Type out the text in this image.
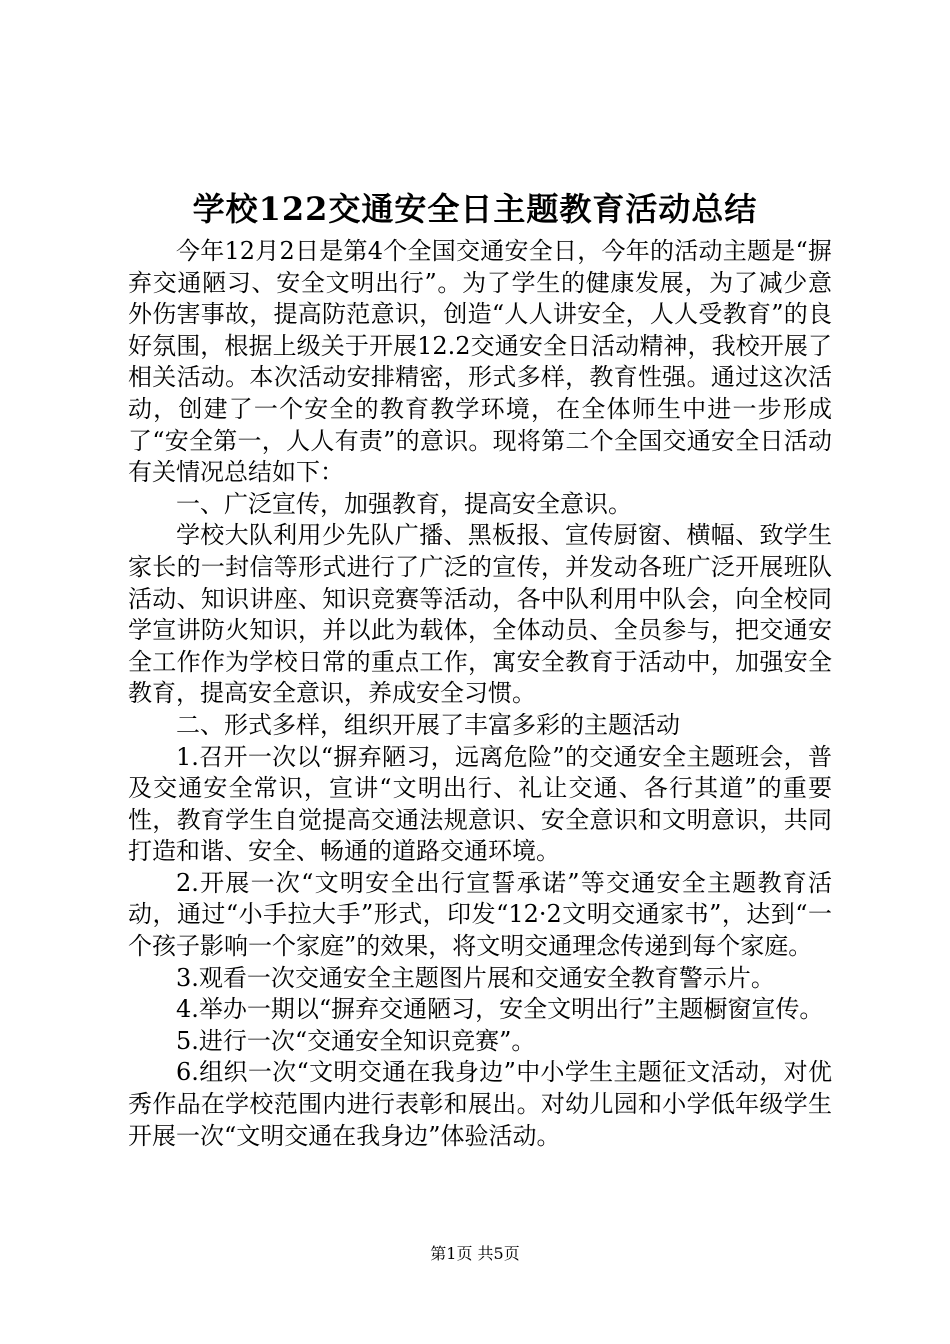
学校122交通安全日主题教育活动总结

今年12月2日是第4个全国交通安全日，今年的活动主题是“摒弃交通陋习、安全文明出行”。为了学生的健康发展，为了减少意外伤害事故，提高防范意识，创造“人人讲安全，人人受教育”的良好氛围，根据上级关于开展12.2交通安全日活动精神，我校开展了相关活动。本次活动安排精密，形式多样，教育性强。通过这次活动，创建了一个安全的教育教学环境，在全体师生中进一步形成了“安全第一，人人有责”的意识。现将第二个全国交通安全日活动有关情况总结如下：

一、广泛宣传，加强教育，提高安全意识。

学校大队利用少先队广播、黑板报、宣传厨窗、横幅、致学生家长的一封信等形式进行了广泛的宣传，并发动各班广泛开展班队活动、知识讲座、知识竞赛等活动，各中队利用中队会，向全校同学宣讲防火知识，并以此为载体，全体动员、全员参与，把交通安全工作作为学校日常的重点工作，寓安全教育于活动中，加强安全教育，提高安全意识，养成安全习惯。

二、形式多样，组织开展了丰富多彩的主题活动

1.召开一次以“摒弃陋习，远离危险”的交通安全主题班会，普及交通安全常识，宣讲“文明出行、礼让交通、各行其道”的重要性，教育学生自觉提高交通法规意识、安全意识和文明意识，共同打造和谐、安全、畅通的道路交通环境。

2.开展一次“文明安全出行宣誓承诺”等交通安全主题教育活动，通过“小手拉大手”形式，印发“12·2文明交通家书”，达到“一个孩子影响一个家庭”的效果，将文明交通理念传递到每个家庭。

3.观看一次交通安全主题图片展和交通安全教育警示片。

4.举办一期以“摒弃交通陋习，安全文明出行”主题橱窗宣传。

5.进行一次“交通安全知识竞赛”。

6.组织一次“文明交通在我身边”中小学生主题征文活动，对优秀作品在学校范围内进行表彰和展出。对幼儿园和小学低年级学生开展一次“文明交通在我身边”体验活动。

第1页 共5页
